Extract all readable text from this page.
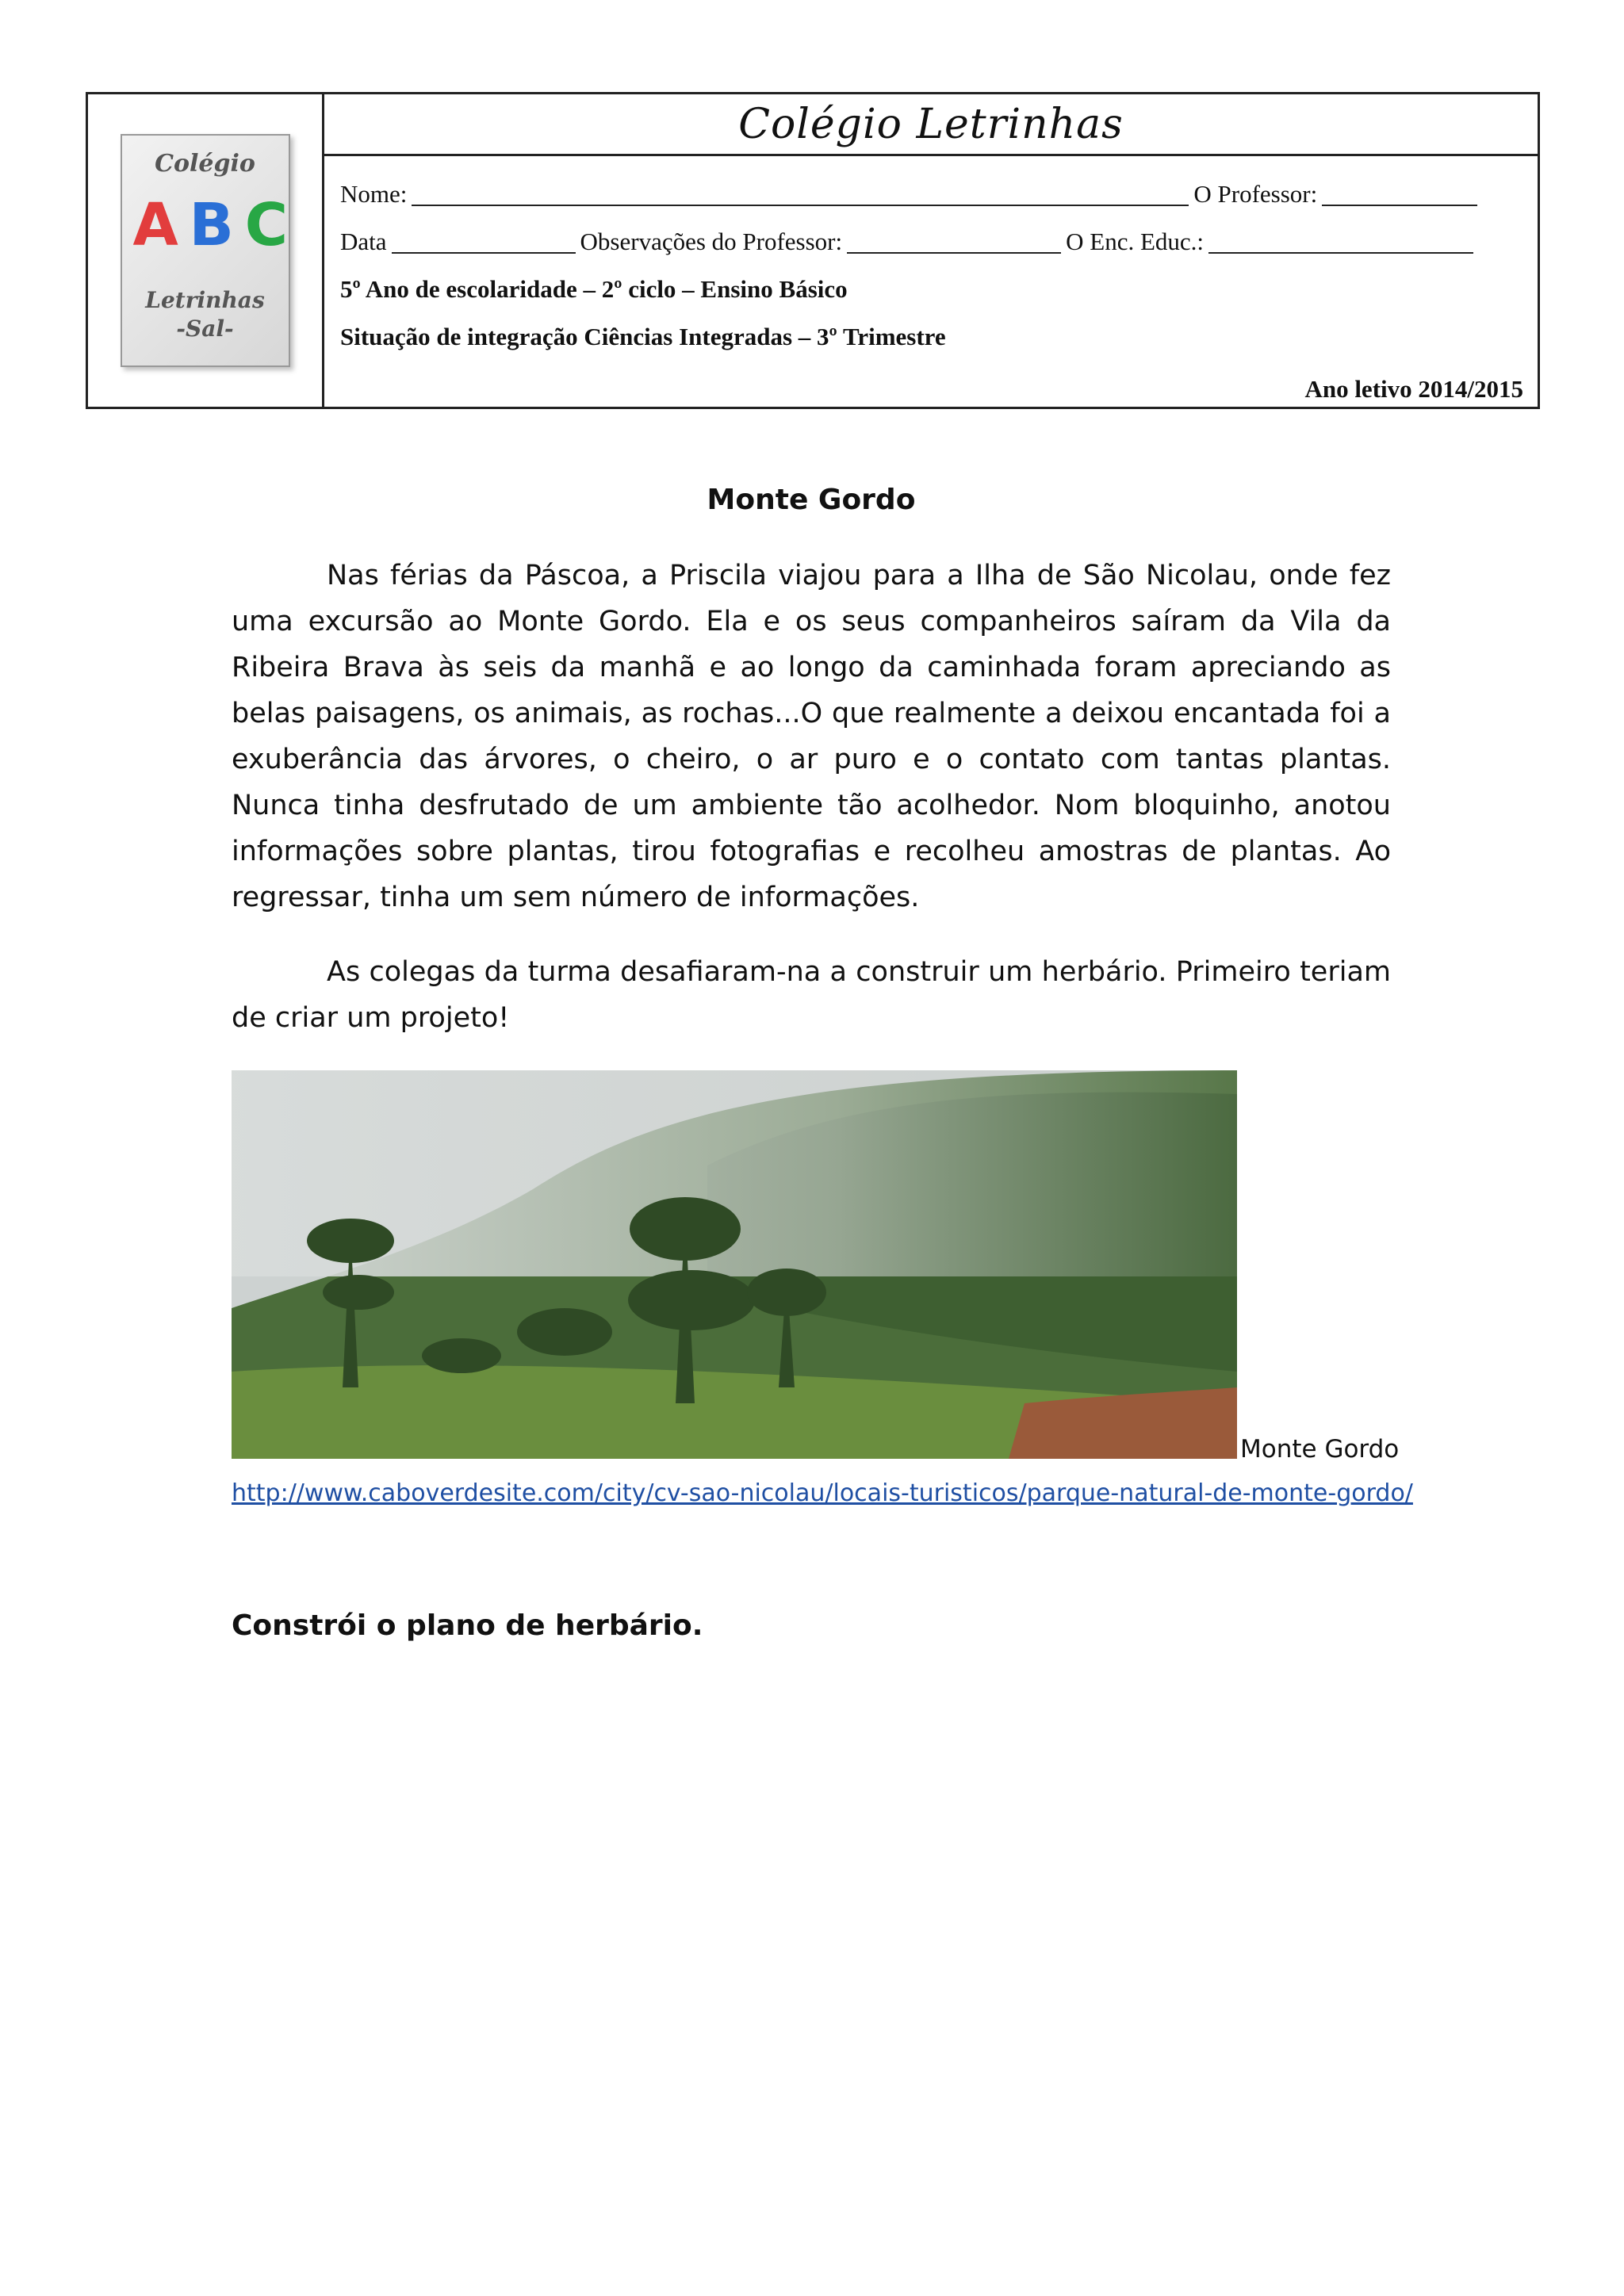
Colégio
A B C
Letrinhas
-Sal-
Colégio Letrinhas
Nome:	O Professor:
Data	Observações do Professor:	O Enc. Educ.:
5º Ano de escolaridade – 2º ciclo – Ensino Básico
Situação de integração Ciências Integradas – 3º Trimestre
Ano letivo 2014/2015
Monte Gordo

Nas férias da Páscoa, a Priscila viajou para a Ilha de São Nicolau, onde fez uma excursão ao Monte Gordo. Ela e os seus companheiros saíram da Vila da Ribeira Brava às seis da manhã e ao longo da caminhada foram apreciando as belas paisagens, os animais, as rochas...O que realmente a deixou encantada foi a exuberância das árvores, o cheiro, o ar puro e o contato com tantas plantas. Nunca tinha desfrutado de um ambiente tão acolhedor. Nom bloquinho, anotou informações sobre plantas, tirou fotografias e recolheu amostras de plantas. Ao regressar, tinha um sem número de informações.

As colegas da turma desafiaram-na a construir um herbário. Primeiro teriam de criar um projeto!

Monte Gordo
http://www.caboverdesite.com/city/cv-sao-nicolau/locais-turisticos/parque-natural-de-monte-gordo/
Constrói o plano de herbário.
